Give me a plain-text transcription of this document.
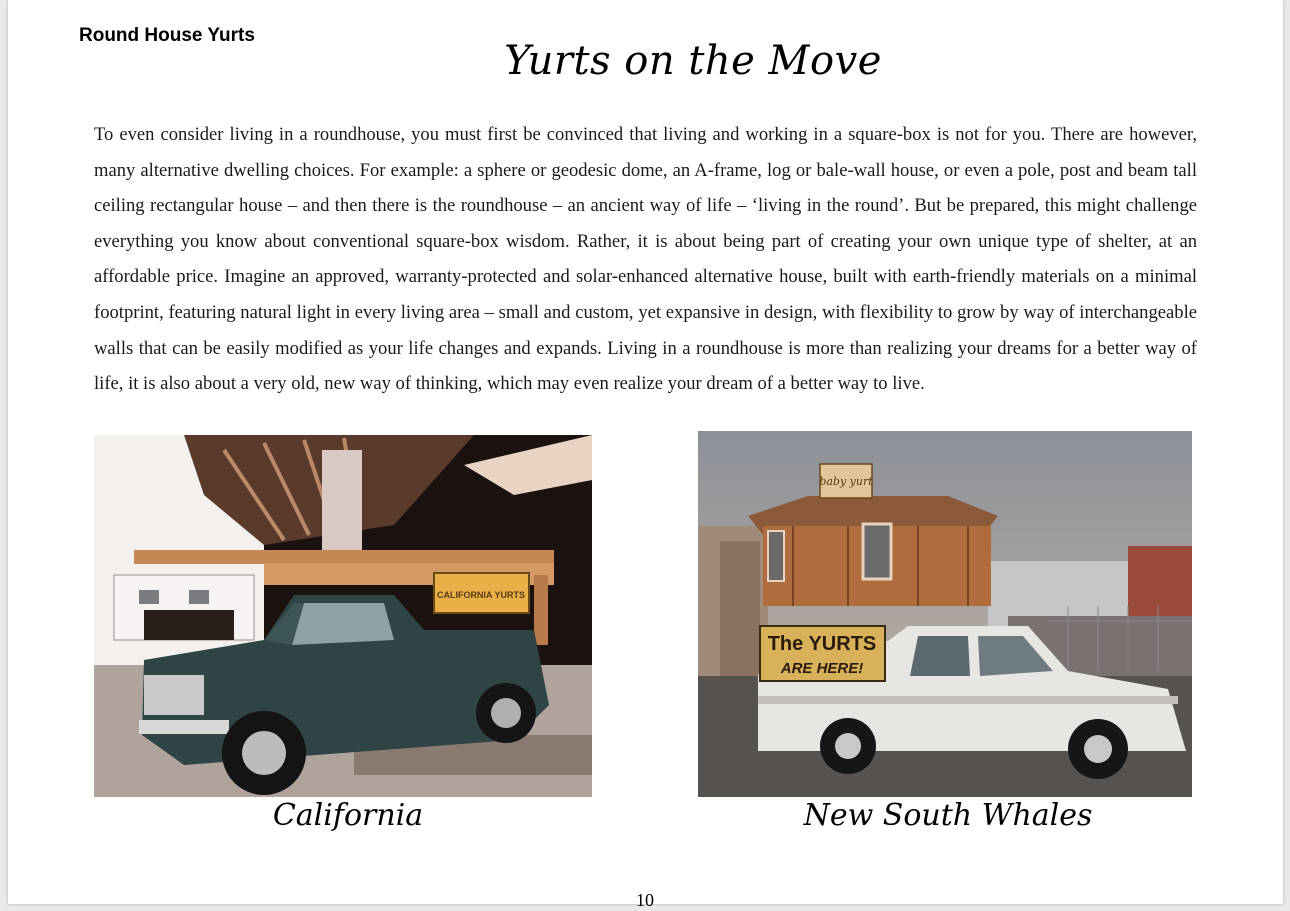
Round House Yurts
Yurts on the Move
To even consider living in a roundhouse, you must first be convinced that living and working in a square-box is not for you. There are however, many alternative dwelling choices. For example: a sphere or geodesic dome, an A-frame, log or bale-wall house, or even a pole, post and beam tall ceiling rectangular house – and then there is the roundhouse – an ancient way of life – ‘living in the round’. But be prepared, this might challenge everything you know about conventional square-box wisdom. Rather, it is about being part of creating your own unique type of shelter, at an affordable price. Imagine an approved, warranty-protected and solar-enhanced alternative house, built with earth-friendly materials on a minimal footprint, featuring natural light in every living area – small and custom, yet expansive in design, with flexibility to grow by way of interchangeable walls that can be easily modified as your life changes and expands. Living in a roundhouse is more than realizing your dreams for a better way of life, it is also about a very old, new way of thinking, which may even realize your dream of a better way to live.
CALIFORNIA YURTS
baby yurt
The YURTS
ARE HERE!
California	New South Whales
10
